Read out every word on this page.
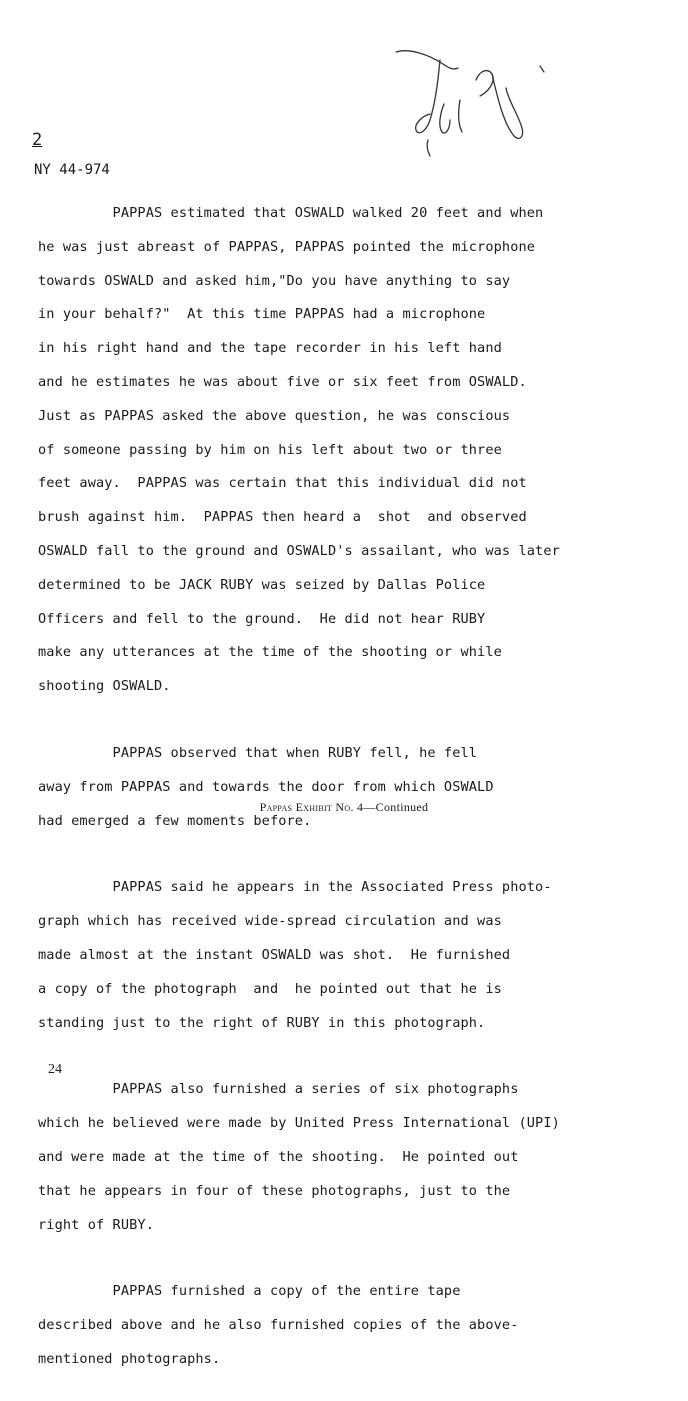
2
NY 44-974

PAPPAS estimated that OSWALD walked 20 feet and when

he was just abreast of PAPPAS, PAPPAS pointed the microphone

towards OSWALD and asked him,"Do you have anything to say

in your behalf?"  At this time PAPPAS had a microphone

in his right hand and the tape recorder in his left hand

and he estimates he was about five or six feet from OSWALD.

Just as PAPPAS asked the above question, he was conscious

of someone passing by him on his left about two or three

feet away.  PAPPAS was certain that this individual did not

brush against him.  PAPPAS then heard a  shot  and observed

OSWALD fall to the ground and OSWALD's assailant, who was later

determined to be JACK RUBY was seized by Dallas Police

Officers and fell to the ground.  He did not hear RUBY

make any utterances at the time of the shooting or while

shooting OSWALD.

PAPPAS observed that when RUBY fell, he fell

away from PAPPAS and towards the door from which OSWALD

had emerged a few moments before.

PAPPAS said he appears in the Associated Press photo-

graph which has received wide-spread circulation and was

made almost at the instant OSWALD was shot.  He furnished

a copy of the photograph  and  he pointed out that he is

standing just to the right of RUBY in this photograph.

PAPPAS also furnished a series of six photographs

which he believed were made by United Press International (UPI)

and were made at the time of the shooting.  He pointed out

that he appears in four of these photographs, just to the

right of RUBY.

PAPPAS furnished a copy of the entire tape

described above and he also furnished copies of the above-

mentioned photographs.

Pappas Exhibit No. 4—Continued
24
